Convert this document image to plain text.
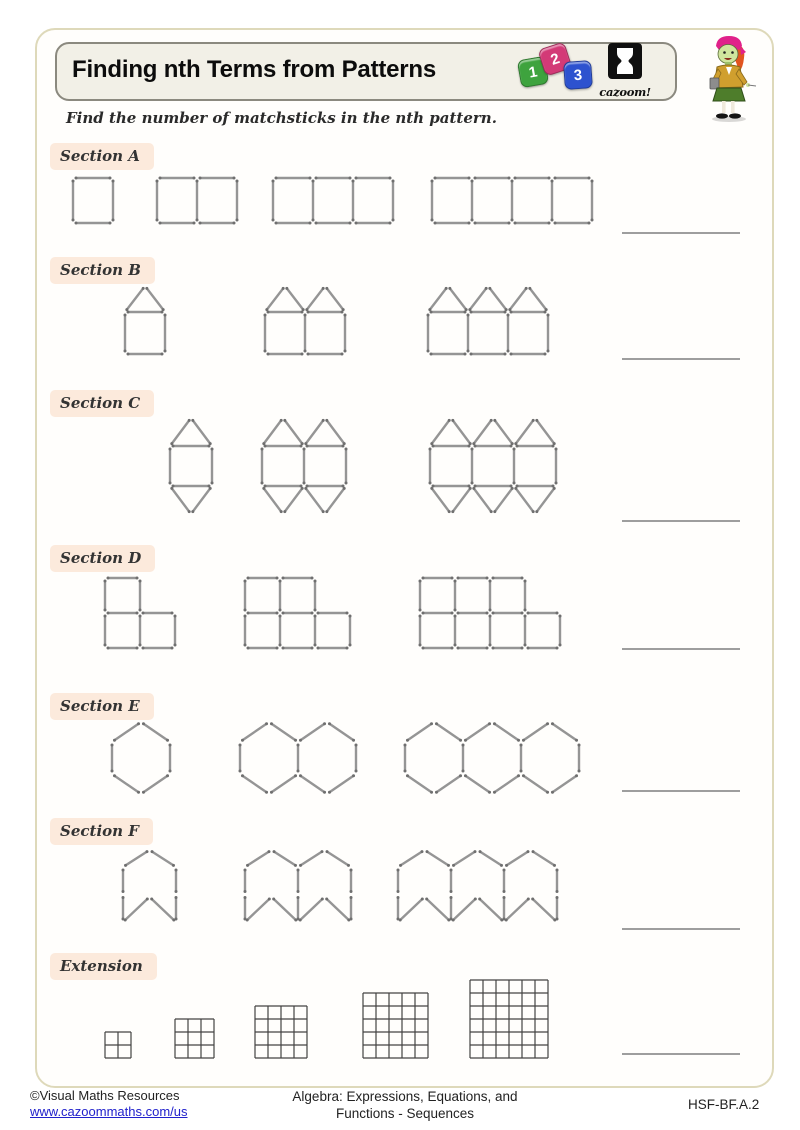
Finding nth Terms from Patterns	1
2
3
cazoom!
Find the number of matchsticks in the nth pattern.
Section A
Section B
Section C
Section D
Section E
Section F
Extension
©Visual Maths Resources
www.cazoommaths.com/us
Algebra: Expressions, Equations, and
Functions - Sequences
HSF-BF.A.2
